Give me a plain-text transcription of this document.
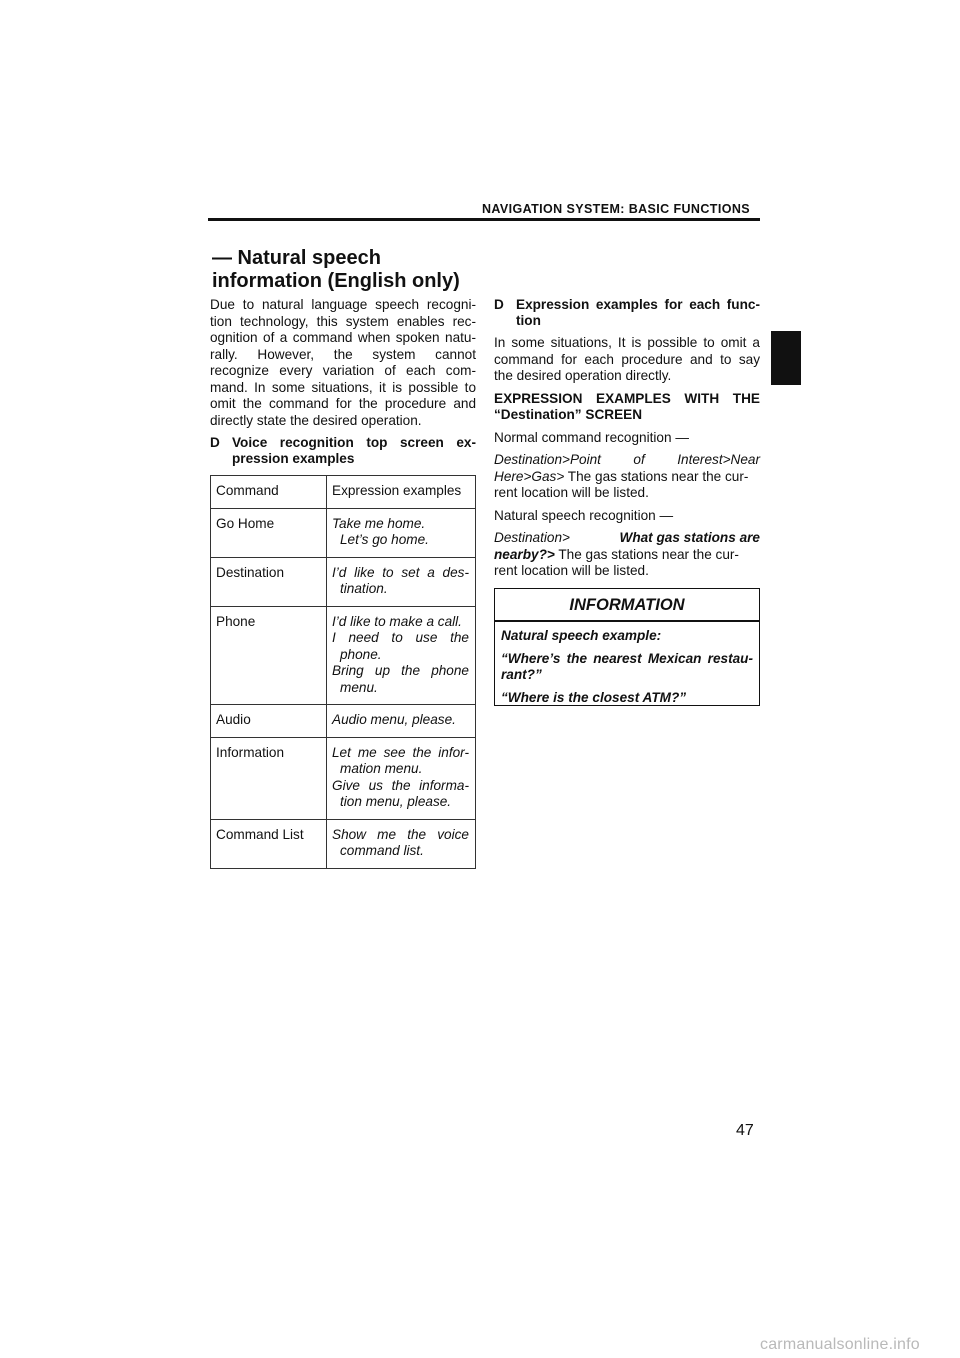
NAVIGATION SYSTEM: BASIC FUNCTIONS
— Natural speech
information (English only)

Due to natural language speech recogni-
tion technology, this system enables rec-
ognition of a command when spoken natu-
rally. However, the system cannot
recognize every variation of each com-
mand. In some situations, it is possible to
omit the command for the procedure and
directly state the desired operation.

D Voice recognition top screen ex-
pression examples
Command	Expression examples
Go Home	Take me home.
Let’s go home.

Destination	I’d like to set a des-
tination.

Phone	I’d like to make a call.
I need to use the
phone.
Bring up the phone
menu.

Audio	Audio menu, please.

Information	Let me see the infor-
mation menu.
Give us the informa-
tion menu, please.

Command List	Show me the voice
command list.
D Expression examples for each func-
tion

In some situations, It is possible to omit a
command for each procedure and to say
the desired operation directly.

EXPRESSION EXAMPLES WITH THE
“Destination” SCREEN

Normal command recognition —

Destination>Point of Interest>Near
Here>Gas> The gas stations near the cur-
rent location will be listed.

Natural speech recognition —

Destination>	What gas stations are
nearby?> The gas stations near the cur-
rent location will be listed.

INFORMATION

Natural speech example:

“Where’s the nearest Mexican restau-
rant?”

“Where is the closest ATM?”

47
carmanualsonline.info
